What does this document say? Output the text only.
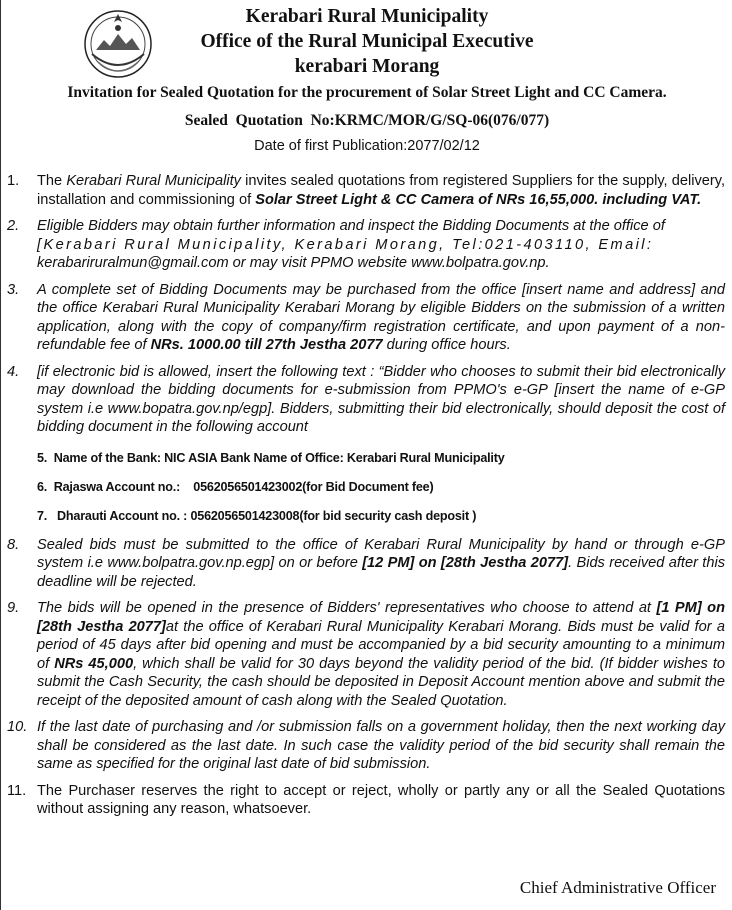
Kerabari Rural Municipality
Office of the Rural Municipal Executive
kerabari Morang
Invitation for Sealed Quotation for the procurement of Solar Street Light and CC Camera.
Sealed  Quotation  No:KRMC/MOR/G/SQ-06(076/077)
Date of first Publication:2077/02/12
1. The Kerabari Rural Municipality invites sealed quotations from registered Suppliers for the supply, delivery, installation and commissioning of Solar Street Light & CC Camera of NRs 16,55,000. including VAT.
2. Eligible Bidders may obtain further information and inspect the Bidding Documents at the office of
[Kerabari Rural Municipality, Kerabari Morang, Tel:021-403110, Email:
kerabariruralmun@gmail.com or may visit PPMO website www.bolpatra.gov.np.
3. A complete set of Bidding Documents may be purchased from the office [insert name and address] and the office Kerabari Rural Municipality Kerabari Morang by eligible Bidders on the submission of a written application, along with the copy of company/firm registration certificate, and upon payment of a non-refundable fee of NRs. 1000.00 till 27th Jestha 2077 during office hours.
4. [if electronic bid is allowed, insert the following text : “Bidder who chooses to submit their bid electronically may download the bidding documents for e-submission from PPMO's e-GP [insert the name of e-GP system i.e www.bopatra.gov.np/egp]. Bidders, submitting their bid electronically, should deposit the cost of bidding document in the following account
5.  Name of the Bank: NIC ASIA Bank Name of Office: Kerabari Rural Municipality
6.  Rajaswa Account no.:    0562056501423002(for Bid Document fee)
7.   Dharauti Account no. : 0562056501423008(for bid security cash deposit )
8. Sealed bids must be submitted to the office of Kerabari Rural Municipality by hand or through e-GP system i.e www.bolpatra.gov.np.egp] on or before [12 PM] on [28th Jestha 2077]. Bids received after this deadline will be rejected.
9. The bids will be opened in the presence of Bidders' representatives who choose to attend at [1 PM] on [28th Jestha 2077]at the office of Kerabari Rural Municipality Kerabari Morang. Bids must be valid for a period of 45 days after bid opening and must be accompanied by a bid security amounting to a minimum of NRs 45,000, which shall be valid for 30 days beyond the validity period of the bid. (If bidder wishes to submit the Cash Security, the cash should be deposited in Deposit Account mention above and submit the receipt of the deposited amount of cash along with the Sealed Quotation.
10. If the last date of purchasing and /or submission falls on a government holiday, then the next working day shall be considered as the last date. In such case the validity period of the bid security shall remain the same as specified for the original last date of bid submission.
11. The Purchaser reserves the right to accept or reject, wholly or partly any or all the Sealed Quotations without assigning any reason, whatsoever.
Chief Administrative Officer
